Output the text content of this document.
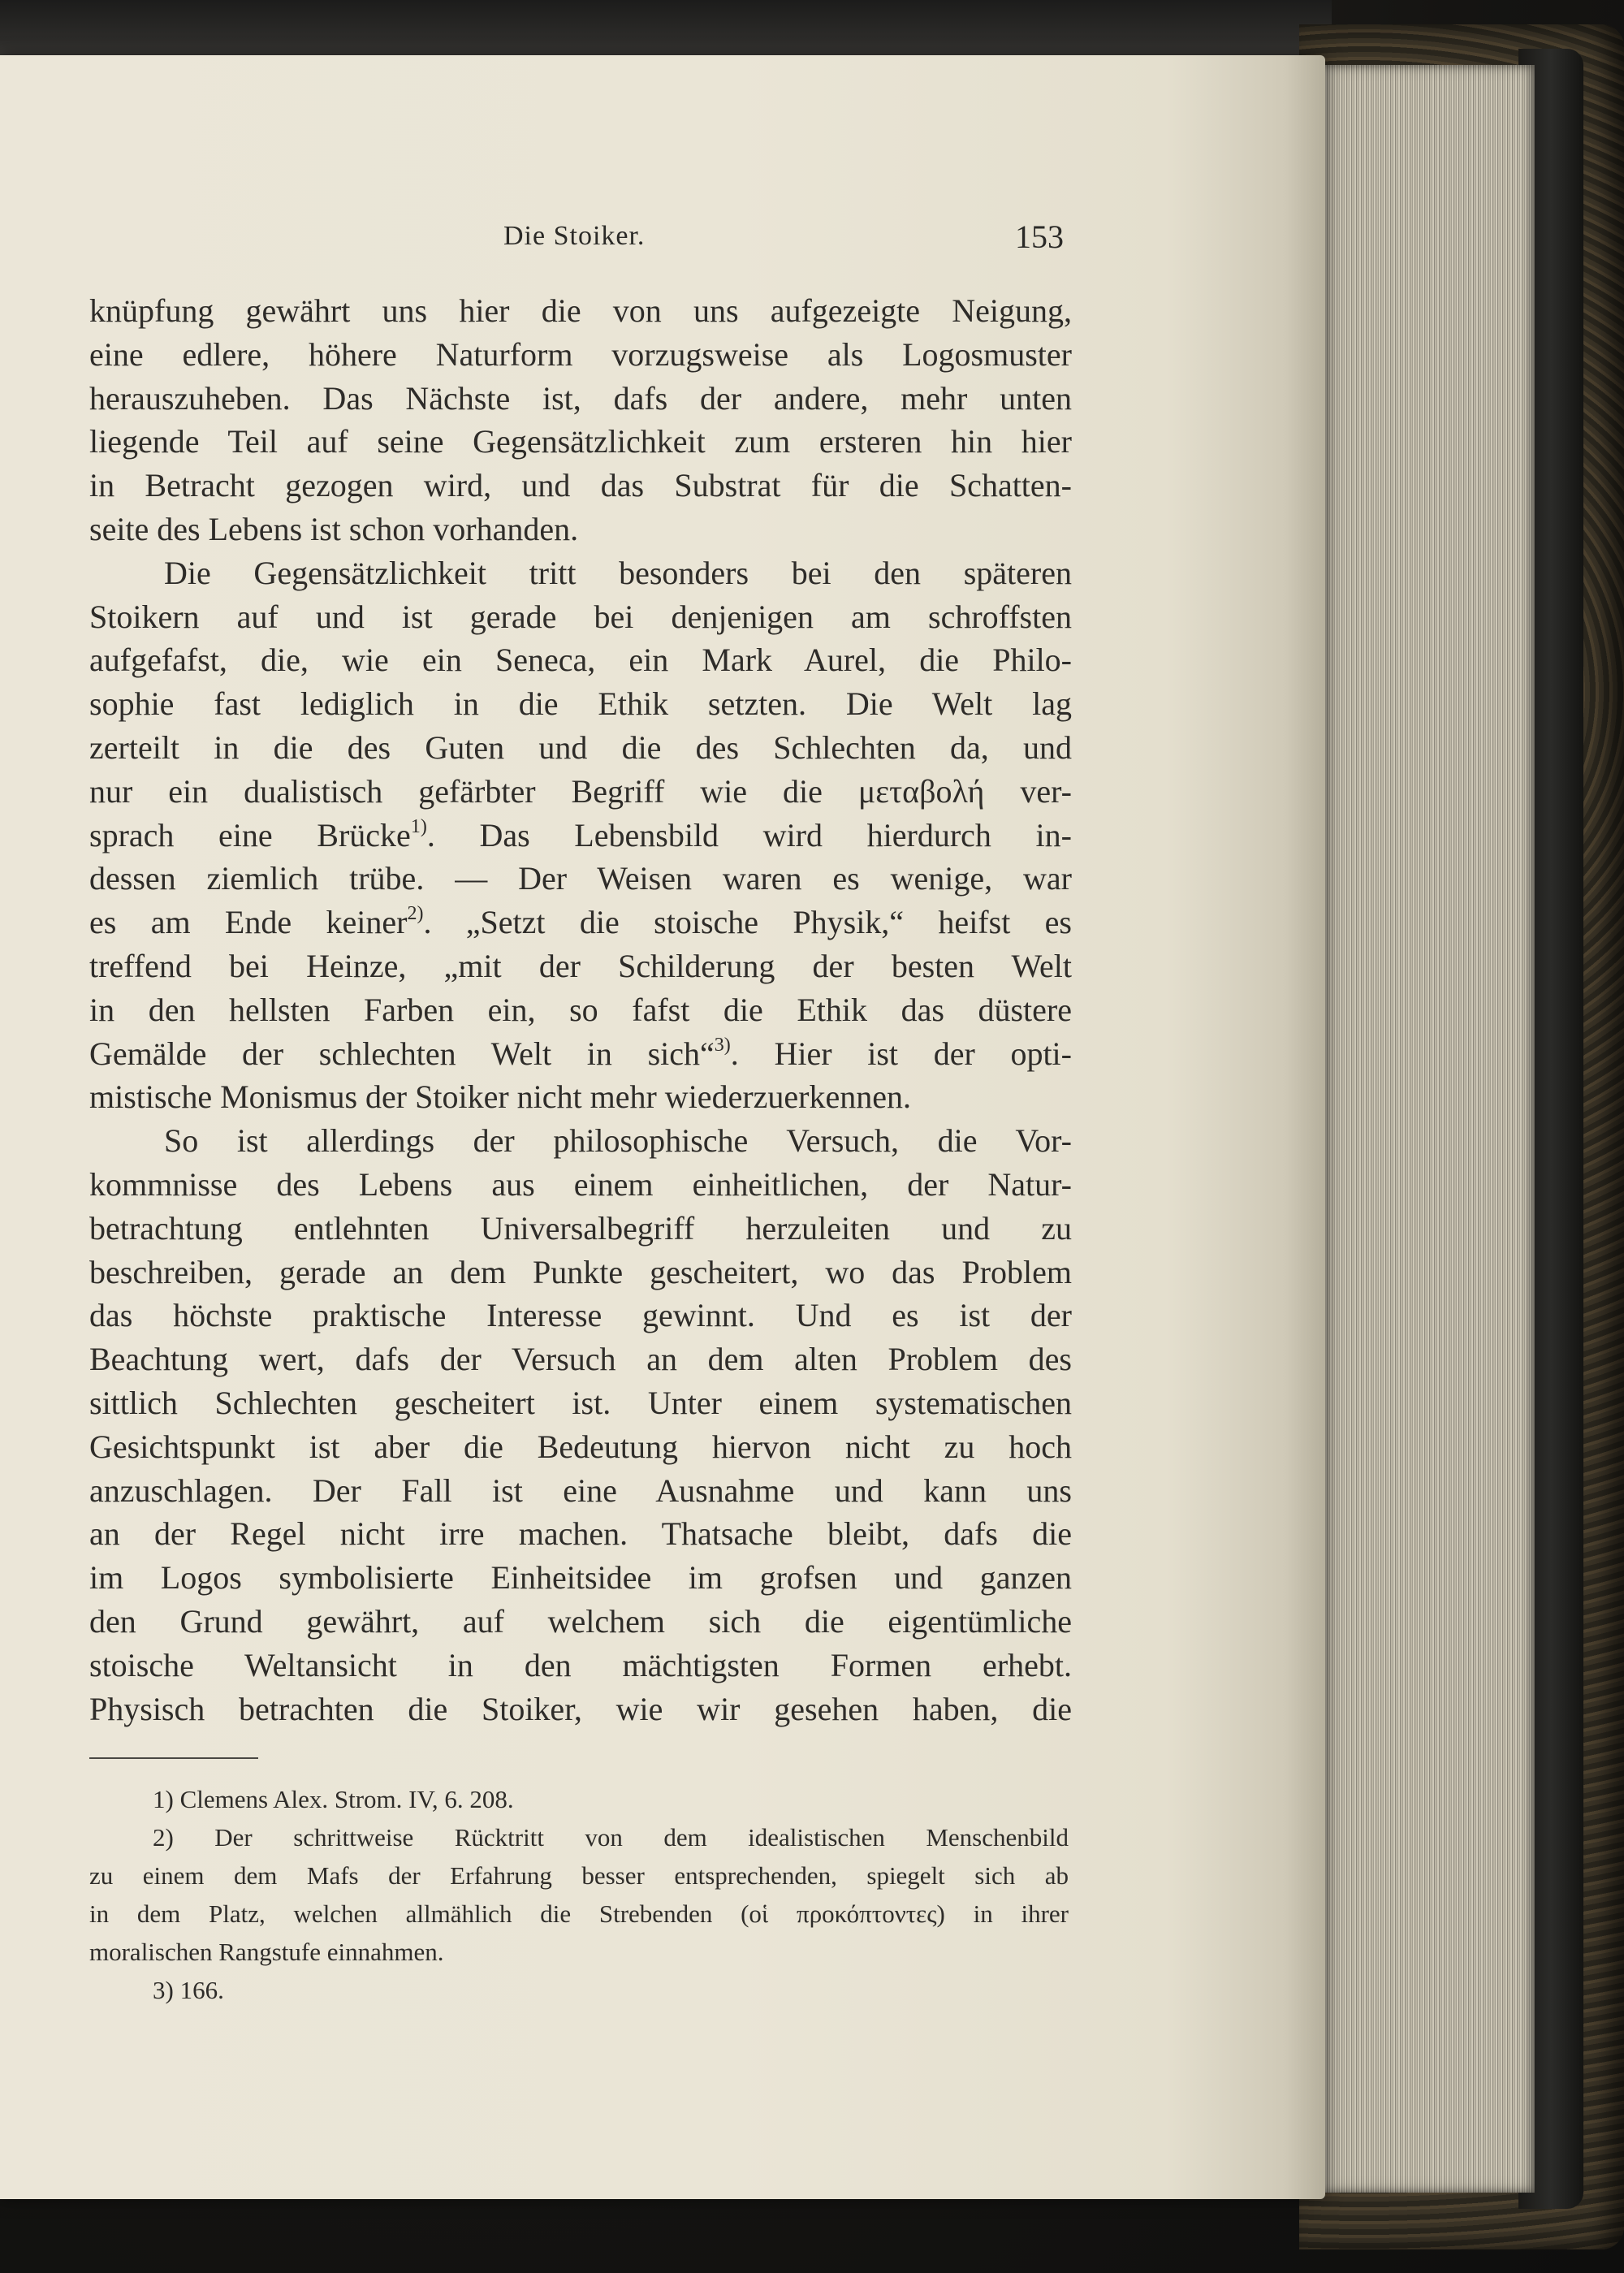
Die Stoiker.	153
knüpfung gewährt uns hier die von uns aufgezeigte Neigung,
eine edlere, höhere Naturform vorzugsweise als Logosmuster
herauszuheben. Das Nächste ist, dafs der andere, mehr unten
liegende Teil auf seine Gegensätzlichkeit zum ersteren hin hier
in Betracht gezogen wird, und das Substrat für die Schatten-
seite des Lebens ist schon vorhanden.
Die Gegensätzlichkeit tritt besonders bei den späteren
Stoikern auf und ist gerade bei denjenigen am schroffsten
aufgefafst, die, wie ein Seneca, ein Mark Aurel, die Philo-
sophie fast lediglich in die Ethik setzten. Die Welt lag
zerteilt in die des Guten und die des Schlechten da, und
nur ein dualistisch gefärbter Begriff wie die μεταβολή ver-
sprach eine Brücke$^{1)}$. Das Lebensbild wird hierdurch in-
dessen ziemlich trübe. — Der Weisen waren es wenige, war
es am Ende keiner$^{2)}$. „Setzt die stoische Physik,“ heifst es
treffend bei Heinze, „mit der Schilderung der besten Welt
in den hellsten Farben ein, so fafst die Ethik das düstere
Gemälde der schlechten Welt in sich“$^{3)}$. Hier ist der opti-
mistische Monismus der Stoiker nicht mehr wiederzuerkennen.
So ist allerdings der philosophische Versuch, die Vor-
kommnisse des Lebens aus einem einheitlichen, der Natur-
betrachtung entlehnten Universalbegriff herzuleiten und zu
beschreiben, gerade an dem Punkte gescheitert, wo das Problem
das höchste praktische Interesse gewinnt. Und es ist der
Beachtung wert, dafs der Versuch an dem alten Problem des
sittlich Schlechten gescheitert ist. Unter einem systematischen
Gesichtspunkt ist aber die Bedeutung hiervon nicht zu hoch
anzuschlagen. Der Fall ist eine Ausnahme und kann uns
an der Regel nicht irre machen. Thatsache bleibt, dafs die
im Logos symbolisierte Einheitsidee im grofsen und ganzen
den Grund gewährt, auf welchem sich die eigentümliche
stoische Weltansicht in den mächtigsten Formen erhebt.
Physisch betrachten die Stoiker, wie wir gesehen haben, die
1) Clemens Alex. Strom. IV, 6. 208.
2) Der schrittweise Rücktritt von dem idealistischen Menschenbild
zu einem dem Mafs der Erfahrung besser entsprechenden, spiegelt sich ab
in dem Platz, welchen allmählich die Strebenden (οἱ προκόπτοντες) in ihrer
moralischen Rangstufe einnahmen.
3) 166.
